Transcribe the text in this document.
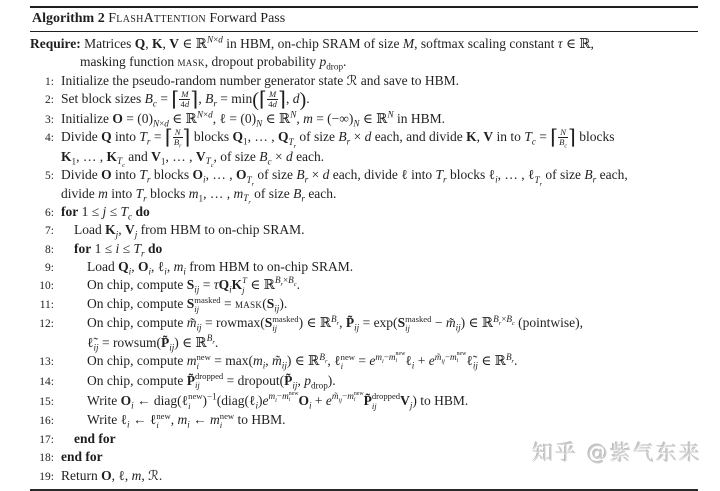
Algorithm 2 FlashAttention Forward Pass
Require: Matrices Q, K, V ∈ ℝ$^{N\times d}$ in HBM, on-chip SRAM of size M, softmax scaling constant τ ∈ ℝ,
masking function mask, dropout probability $p_{drop}$.
1: Initialize the pseudo-random number generator state ℛ and save to HBM.
2: Set block sizes $B_c$ = ⌈ $\frac{M}{4d}$ ⌉, $B_r$ = min(⌈ $\frac{M}{4d}$ ⌉, d).
3: Initialize $O = (0)_{N\times d}$ ∈ ℝ$^{N\times d}$, ℓ = $(0)_N$ ∈ ℝ$^N$, $m = (-\infty)_N$ ∈ ℝ$^N$ in HBM.
4: Divide Q into $T_r$ = ⌈ $\frac{N}{B_r}$ ⌉ blocks $Q_1$, … , $Q_{T_r}$ of size $B_r \times d$ each, and divide K, V in to $T_c$ = ⌈ $\frac{N}{B_c}$ ⌉ blocks
$K_1$, … , $K_{T_c}$ and $V_1$, … , $V_{T_c}$, of size $B_c \times d$ each.
5: Divide O into $T_r$ blocks $O_i$, … , $O_{T_r}$ of size $B_r \times d$ each, divide ℓ into $T_r$ blocks ℓ$_i$, … , ℓ$_{T_r}$ of size $B_r$ each,
divide m into $T_r$ blocks $m_1$, … , $m_{T_r}$ of size $B_r$ each.
6: for $1 \le j \le T_c$ do
7:	Load $K_j$, $V_j$ from HBM to on-chip SRAM.
8:	for $1 \le i \le T_r$ do
9:	Load $Q_i$, $O_i$, ℓ$_i$, $m_i$ from HBM to on-chip SRAM.
10:	On chip, compute $S_{ij} = \tau Q_iK$ T
j ∈ ℝ$^{B_r\times B_c}$.
11:	On chip, compute S masked
ij = $mask(S_{ij})$.
12:	On chip, compute $m̃_{ij} = rowmax(S$ masked
ij ) ∈ ℝ$^{B_r}$, $P̃_{ij} = \exp(S$ masked
ij − $m̃_{ij}$) ∈ ℝ$^{B_r\times B_c}$ (pointwise),
$\ell̃_{ij}$ = $rowsum(P̃_{ij})$ ∈ ℝ$^{B_r}$.
13:	On chip, compute m new
$i = \max(m_i$, $m̃_{ij}$) ∈ ℝ$^{B_r}$, ℓ new
$i = e^{m_i-m new i}$ ℓ$_i$ + $e^{m̃_{ij}-m new i}$ $\ell̃_{ij}$ ∈ ℝ$^{B_r}$.
14:	On chip, compute P̃ dropped
ij = $dropout(P̃_{ij}$, $p_{drop}$).
15:	Write $O_i$ ← diag(ℓ new
i )$^{-1}(diag(\ell_i)e^{m_i-m new i}$ $O_i + e^{m̃_{ij}-m new i}$ P̃ dropped
ij $V_j$) to HBM.
16:	Write ℓ$_i$ ← ℓ new
i , $m_i$ ← m new
i to HBM.
17:	end for
18: end for
19: Return O, ℓ, m, ℛ.
知乎 @紫气东来
